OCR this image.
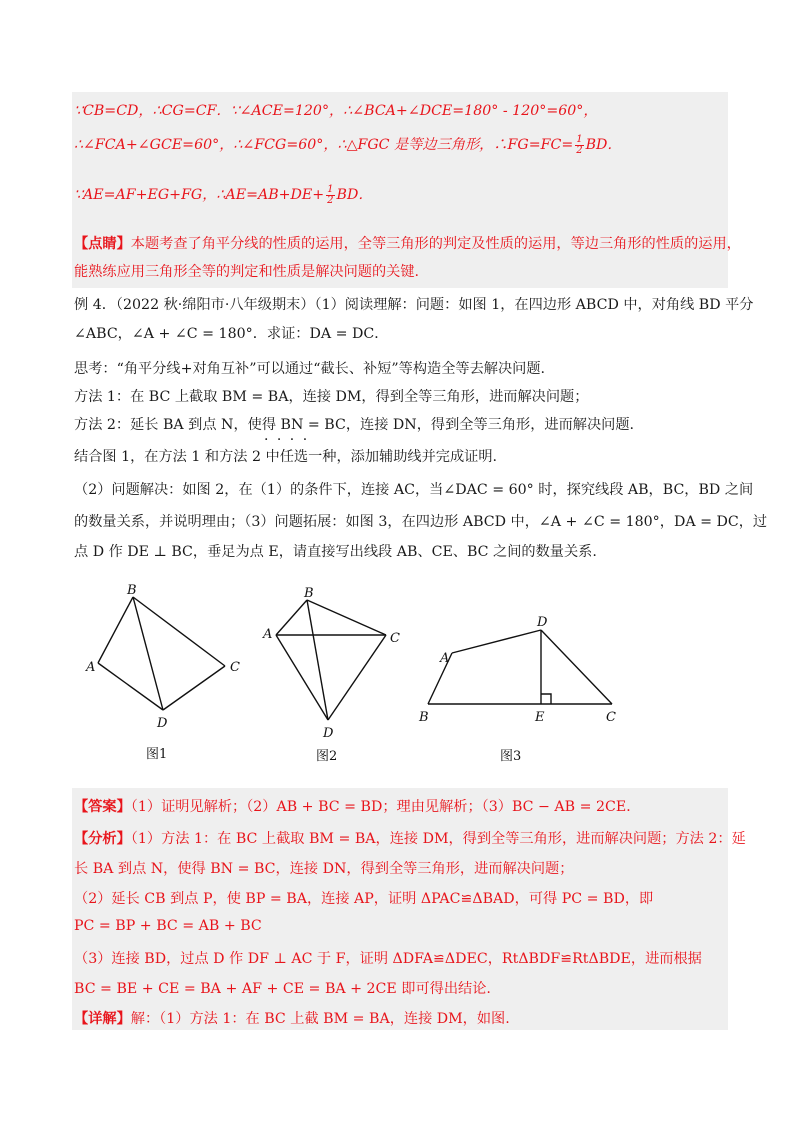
∵CB=CD，∴CG=CF．∵∠ACE=120°，∴∠BCA+∠DCE=180° - 120°=60°，
∴∠FCA+∠GCE=60°，∴∠FCG=60°，∴△FGC 是等边三角形，∴FG=FC= $\frac{1}{2}$ BD．
∵AE=AF+EG+FG，∴AE=AB+DE+ $\frac{1}{2}$ BD．
【点睛】本题考查了角平分线的性质的运用，全等三角形的判定及性质的运用，等边三角形的性质的运用，
能熟练应用三角形全等的判定和性质是解决问题的关键.
例 4．（2022 秋·绵阳市·八年级期末）（1）阅读理解：问题：如图 1，在四边形 ABCD 中，对角线 BD 平分
∠ABC，∠A + ∠C = 180°．求证：DA = DC．
思考：“角平分线+对角互补”可以通过“截长、补短”等构造全等去解决问题.
方法 1：在 BC 上截取 BM = BA，连接 DM，得到全等三角形，进而解决问题；
方法 2：延长 BA 到点 N，使得 BN = BC，连接 DN，得到全等三角形，进而解决问题.
· · · ·
结合图 1，在方法 1 和方法 2 中任选一种，添加辅助线并完成证明.
（2）问题解决：如图 2，在（1）的条件下，连接 AC，当∠DAC = 60° 时，探究线段 AB，BC，BD 之间
的数量关系，并说明理由；（3）问题拓展：如图 3，在四边形 ABCD 中，∠A + ∠C = 180°，DA = DC，过
点 D 作 DE ⊥ BC，垂足为点 E，请直接写出线段 AB、CE、BC 之间的数量关系.
B
A	C
D
图1
B
A	C
D
图2
D
A
B	E	C
图3
【答案】（1）证明见解析；（2）AB + BC = BD；理由见解析；（3）BC − AB = 2CE．
【分析】（1）方法 1：在 BC 上截取 BM = BA，连接 DM，得到全等三角形，进而解决问题；方法 2：延
长 BA 到点 N，使得 BN = BC，连接 DN，得到全等三角形，进而解决问题；
（2）延长 CB 到点 P，使 BP = BA，连接 AP，证明 ΔPAC≌ΔBAD，可得 PC = BD，即
PC = BP + BC = AB + BC
（3）连接 BD，过点 D 作 DF ⊥ AC 于 F，证明 ΔDFA≌ΔDEC，RtΔBDF≌RtΔBDE，进而根据
BC = BE + CE = BA + AF + CE = BA + 2CE 即可得出结论.
【详解】解：（1）方法 1：在 BC 上截 BM = BA，连接 DM，如图.
